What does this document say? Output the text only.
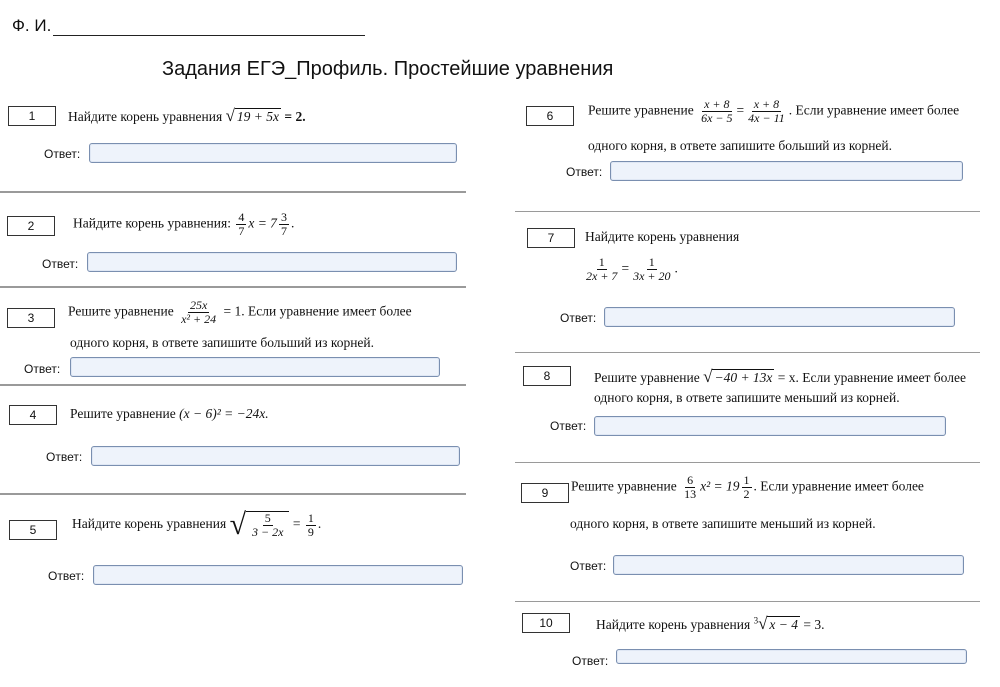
Ф. И.
Задания ЕГЭ_Профиль. Простейшие уравнения
1	Найдите корень уравнения √ 19 + 5x = 2.
Ответ:
2	Найдите корень уравнения: $\frac{4}{7}$ $x = 7 \frac{3}{7}$ .
Ответ:
3	Решите уравнение $\frac{25x}{\text{x² + 24}} = 1$. Если уравнение имеет более
одного корня, в ответе запишите больший из корней.
Ответ:
4	Решите уравнение (x − 6)² = −24x.
Ответ:
5	Найдите корень уравнения √ $\frac{5}{3 - 2x} = \frac{1}{9}$ .
Ответ:
6	Решите уравнение $\frac{x + 8}{6x - 5} = \frac{x + 8}{4x - 11}$ . Если уравнение имеет более
одного корня, в ответе запишите больший из корней.
Ответ:
7	Найдите корень уравнения
$\frac{1}{2x + 7} = \frac{1}{3x + 20}$ .
Ответ:
8	Решите уравнение √ −40 + 13x = x. Если уравнение имеет более
одного корня, в ответе запишите меньший из корней.
Ответ:
9	Решите уравнение $\frac{6}{13} x^2 = 19 \frac{1}{2}$ . Если уравнение имеет более
одного корня, в ответе запишите меньший из корней.
Ответ:
10	Найдите корень уравнения $^3$√ x − 4 = 3.
Ответ:
